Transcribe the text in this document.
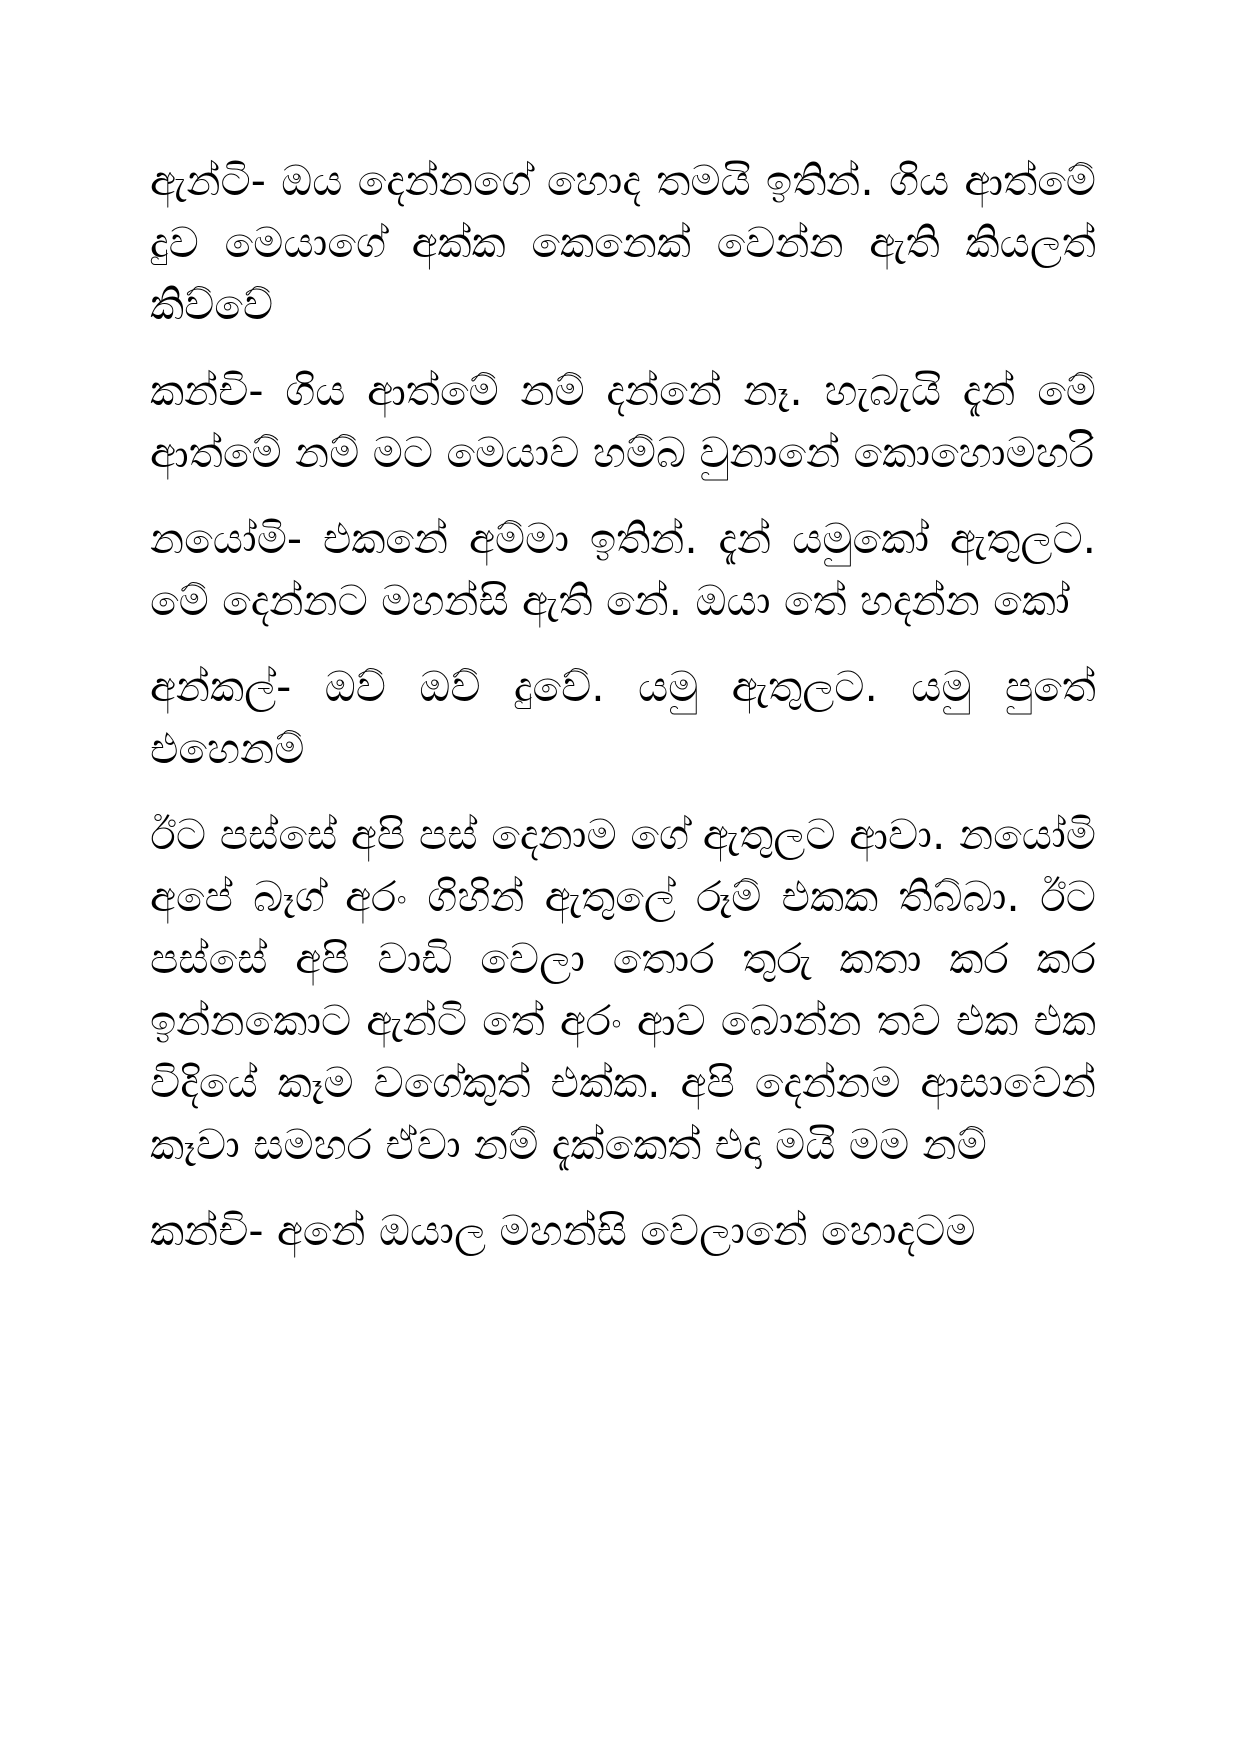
ඇන්ටි- ඔය දෙන්නගේ හොද තමයි ඉතින්. ගිය ආත්මේ දුව මෙයාගේ අක්ක කෙනෙක් වෙන්න ඇති කියලත් කිව්වේ

කන්චි- ගිය ආත්මේ නම් දන්නේ නෑ. හැබැයි දැන් මේ ආත්මේ නම් මට මෙයාව හම්බ වුනානේ කොහොමහරි

නයෝමි- එකනේ අම්මා ඉතින්. දැන් යමුකෝ ඇතුලට. මේ දෙන්නට මහන්සි ඇති නේ. ඔයා තේ හදන්න කෝ

අන්කල්- ඔව් ඔව් දුවේ. යමු ඇතුලට. යමු පුතේ එහෙනම්

ඊට පස්සේ අපි පස් දෙනාම ගේ ඇතුලට ආවා. නයෝමි අපේ බෑග් අරං ගිහින් ඇතුලේ රූම් එකක තිබ්බා. ඊට පස්සේ අපි වාඩි වෙලා තොර තුරු කතා කර කර ඉන්නකොට ඇන්ටි තේ අරං ආව බොන්න තව එක එක විදියේ කෑම වගේකුත් එක්ක. අපි දෙන්නම ආසාවෙන් කෑවා සමහර ඒවා නම් දැක්කෙත් එදා මයි මම නම්

කන්චි- අනේ ඔයාල මහන්සි වෙලානේ හොදටම
